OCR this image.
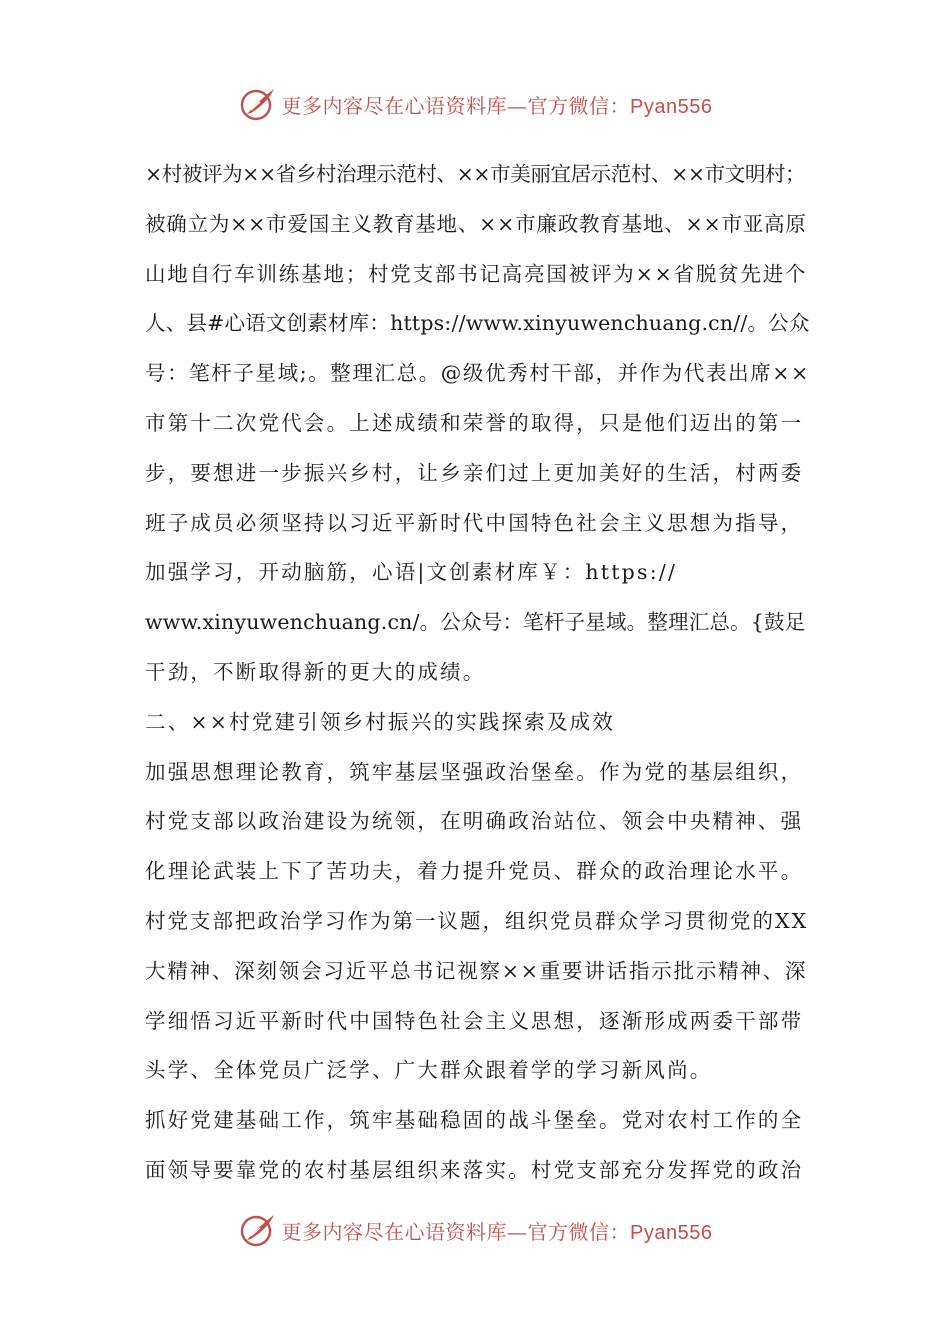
更多内容尽在心语资料库—官方微信：Pyan556
×村被评为××省乡村治理示范村、××市美丽宜居示范村、××市文明村；
被确立为××市爱国主义教育基地、××市廉政教育基地、××市亚高原
山地自行车训练基地；村党支部书记高亮国被评为××省脱贫先进个
人、县#心语文创素材库：https://www.xinyuwenchuang.cn//。公众
号：笔杆子星域;。整理汇总。@级优秀村干部，并作为代表出席××
市第十二次党代会。上述成绩和荣誉的取得，只是他们迈出的第一
步，要想进一步振兴乡村，让乡亲们过上更加美好的生活，村两委
班子成员必须坚持以习近平新时代中国特色社会主义思想为指导，
加强学习，开动脑筋，心语|文创素材库￥：https://
www.xinyuwenchuang.cn/。公众号：笔杆子星域。整理汇总。{鼓足
干劲，不断取得新的更大的成绩。
二、××村党建引领乡村振兴的实践探索及成效
加强思想理论教育，筑牢基层坚强政治堡垒。作为党的基层组织，
村党支部以政治建设为统领，在明确政治站位、领会中央精神、强
化理论武装上下了苦功夫，着力提升党员、群众的政治理论水平。
村党支部把政治学习作为第一议题，组织党员群众学习贯彻党的XX
大精神、深刻领会习近平总书记视察××重要讲话指示批示精神、深
学细悟习近平新时代中国特色社会主义思想，逐渐形成两委干部带
头学、全体党员广泛学、广大群众跟着学的学习新风尚。
抓好党建基础工作，筑牢基础稳固的战斗堡垒。党对农村工作的全
面领导要靠党的农村基层组织来落实。村党支部充分发挥党的政治
更多内容尽在心语资料库—官方微信：Pyan556
